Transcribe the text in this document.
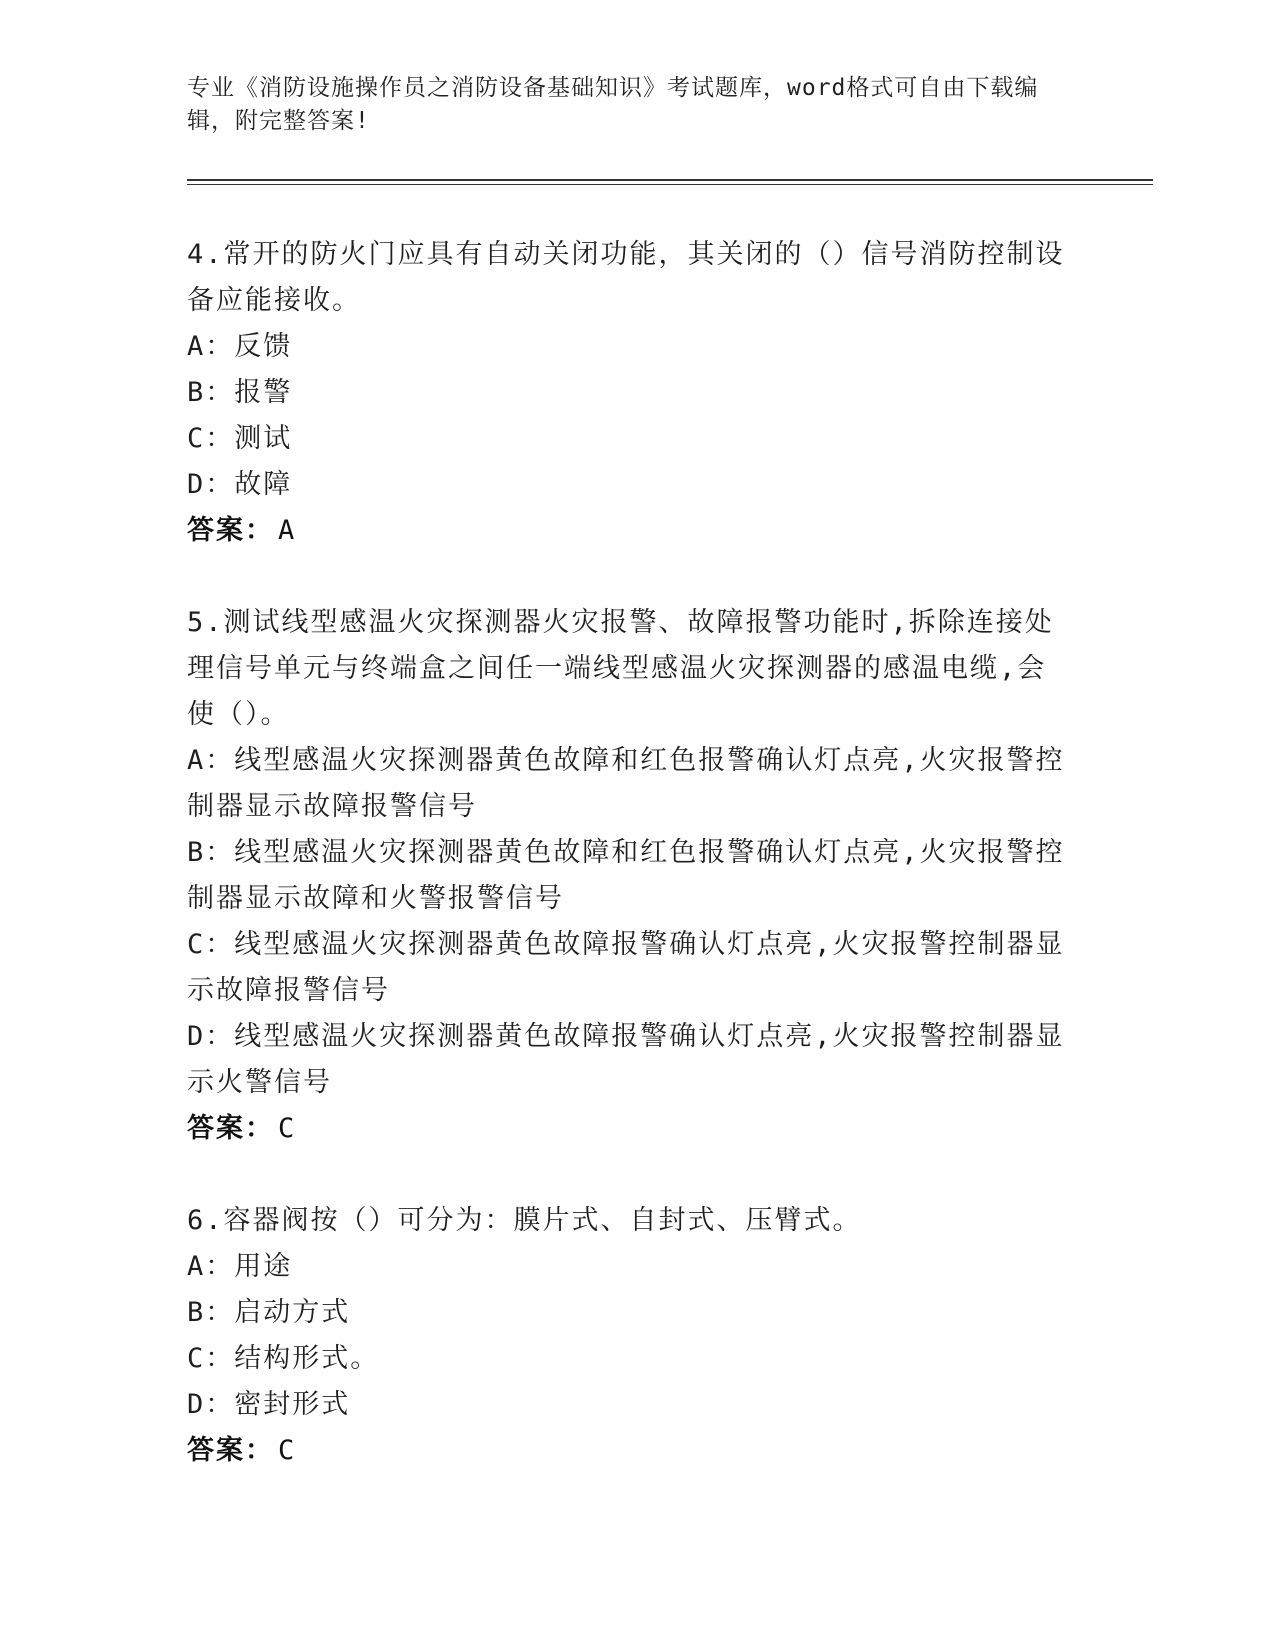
专业《消防设施操作员之消防设备基础知识》考试题库，word格式可自由下载编辑，附完整答案!
4.常开的防火门应具有自动关闭功能，其关闭的（）信号消防控制设备应能接收。
A：反馈
B：报警
C：测试
D：故障
答案： A
5.测试线型感温火灾探测器火灾报警、故障报警功能时,拆除连接处理信号单元与终端盒之间任一端线型感温火灾探测器的感温电缆,会使（）。
A：线型感温火灾探测器黄色故障和红色报警确认灯点亮,火灾报警控制器显示故障报警信号
B：线型感温火灾探测器黄色故障和红色报警确认灯点亮,火灾报警控制器显示故障和火警报警信号
C：线型感温火灾探测器黄色故障报警确认灯点亮,火灾报警控制器显示故障报警信号
D：线型感温火灾探测器黄色故障报警确认灯点亮,火灾报警控制器显示火警信号
答案： C
6.容器阀按（）可分为：膜片式、自封式、压臂式。
A：用途
B：启动方式
C：结构形式。
D：密封形式
答案： C
